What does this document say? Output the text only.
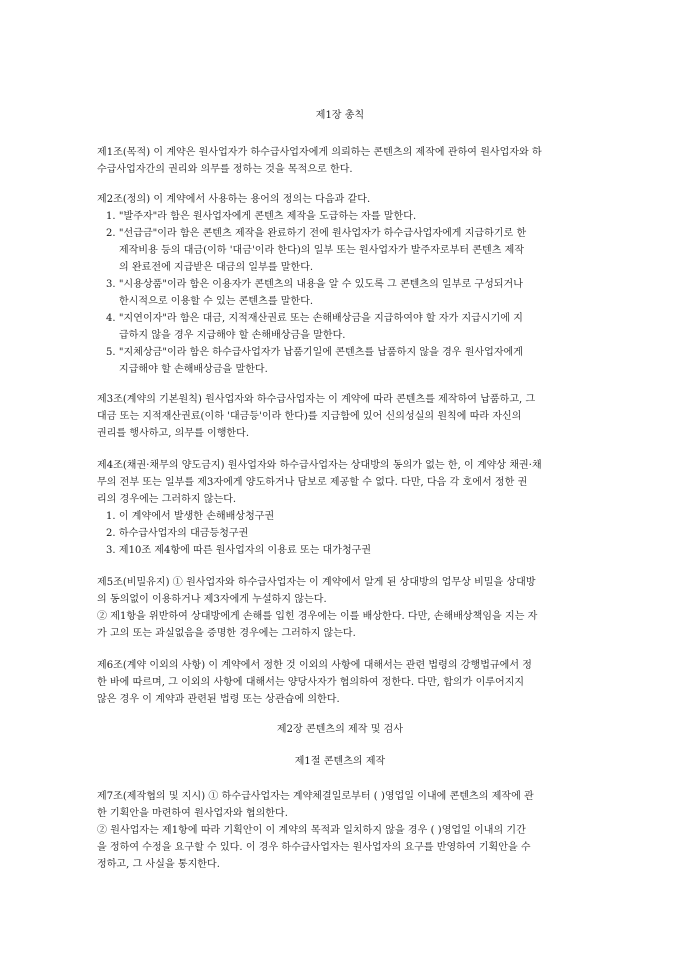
제1장 총칙
제1조(목적) 이 계약은 원사업자가 하수급사업자에게 의뢰하는 콘텐츠의 제작에 관하여 원사업자와 하
수급사업자간의 권리와 의무를 정하는 것을 목적으로 한다.
제2조(정의) 이 계약에서 사용하는 용어의 정의는 다음과 같다.
1. "발주자"라 함은 원사업자에게 콘텐츠 제작을 도급하는 자를 말한다.
2. "선급금"이라 함은 콘텐츠 제작을 완료하기 전에 원사업자가 하수급사업자에게 지급하기로 한
제작비용 등의 대금(이하 '대금'이라 한다)의 일부 또는 원사업자가 발주자로부터 콘텐츠 제작
의 완료전에 지급받은 대금의 일부를 말한다.
3. "시용상품"이라 함은 이용자가 콘텐츠의 내용을 알 수 있도록 그 콘텐츠의 일부로 구성되거나
한시적으로 이용할 수 있는 콘텐츠를 말한다.
4. "지연이자"라 함은 대금, 지적재산권료 또는 손해배상금을 지급하여야 할 자가 지급시기에 지
급하지 않을 경우 지급해야 할 손해배상금을 말한다.
5. "지체상금"이라 함은 하수급사업자가 납품기일에 콘텐츠를 납품하지 않을 경우 원사업자에게
지급해야 할 손해배상금을 말한다.
제3조(계약의 기본원칙) 원사업자와 하수급사업자는 이 계약에 따라 콘텐츠를 제작하여 납품하고, 그
대금 또는 지적재산권료(이하 '대금등'이라 한다)를 지급함에 있어 신의성실의 원칙에 따라 자신의
권리를 행사하고, 의무를 이행한다.
제4조(채권·채무의 양도금지) 원사업자와 하수급사업자는 상대방의 동의가 없는 한, 이 계약상 채권·채
무의 전부 또는 일부를 제3자에게 양도하거나 담보로 제공할 수 없다. 다만, 다음 각 호에서 정한 권
리의 경우에는 그러하지 않는다.
1. 이 계약에서 발생한 손해배상청구권
2. 하수급사업자의 대금등청구권
3. 제10조 제4항에 따른 원사업자의 이용료 또는 대가청구권
제5조(비밀유지) ① 원사업자와 하수급사업자는 이 계약에서 알게 된 상대방의 업무상 비밀을 상대방
의 동의없이 이용하거나 제3자에게 누설하지 않는다.
② 제1항을 위반하여 상대방에게 손해를 입힌 경우에는 이를 배상한다. 다만, 손해배상책임을 지는 자
가 고의 또는 과실없음을 증명한 경우에는 그러하지 않는다.
제6조(계약 이외의 사항) 이 계약에서 정한 것 이외의 사항에 대해서는 관련 법령의 강행법규에서 정
한 바에 따르며, 그 이외의 사항에 대해서는 양당사자가 협의하여 정한다. 다만, 합의가 이루어지지
않은 경우 이 계약과 관련된 법령 또는 상관습에 의한다.
제2장 콘텐츠의 제작 및 검사
제1절 콘텐츠의 제작
제7조(제작협의 및 지시) ① 하수급사업자는 계약체결일로부터 ( )영업일 이내에 콘텐츠의 제작에 관
한 기획안을 마련하여 원사업자와 협의한다.
② 원사업자는 제1항에 따라 기획안이 이 계약의 목적과 일치하지 않을 경우 ( )영업일 이내의 기간
을 정하여 수정을 요구할 수 있다. 이 경우 하수급사업자는 원사업자의 요구를 반영하여 기획안을 수
정하고, 그 사실을 통지한다.
